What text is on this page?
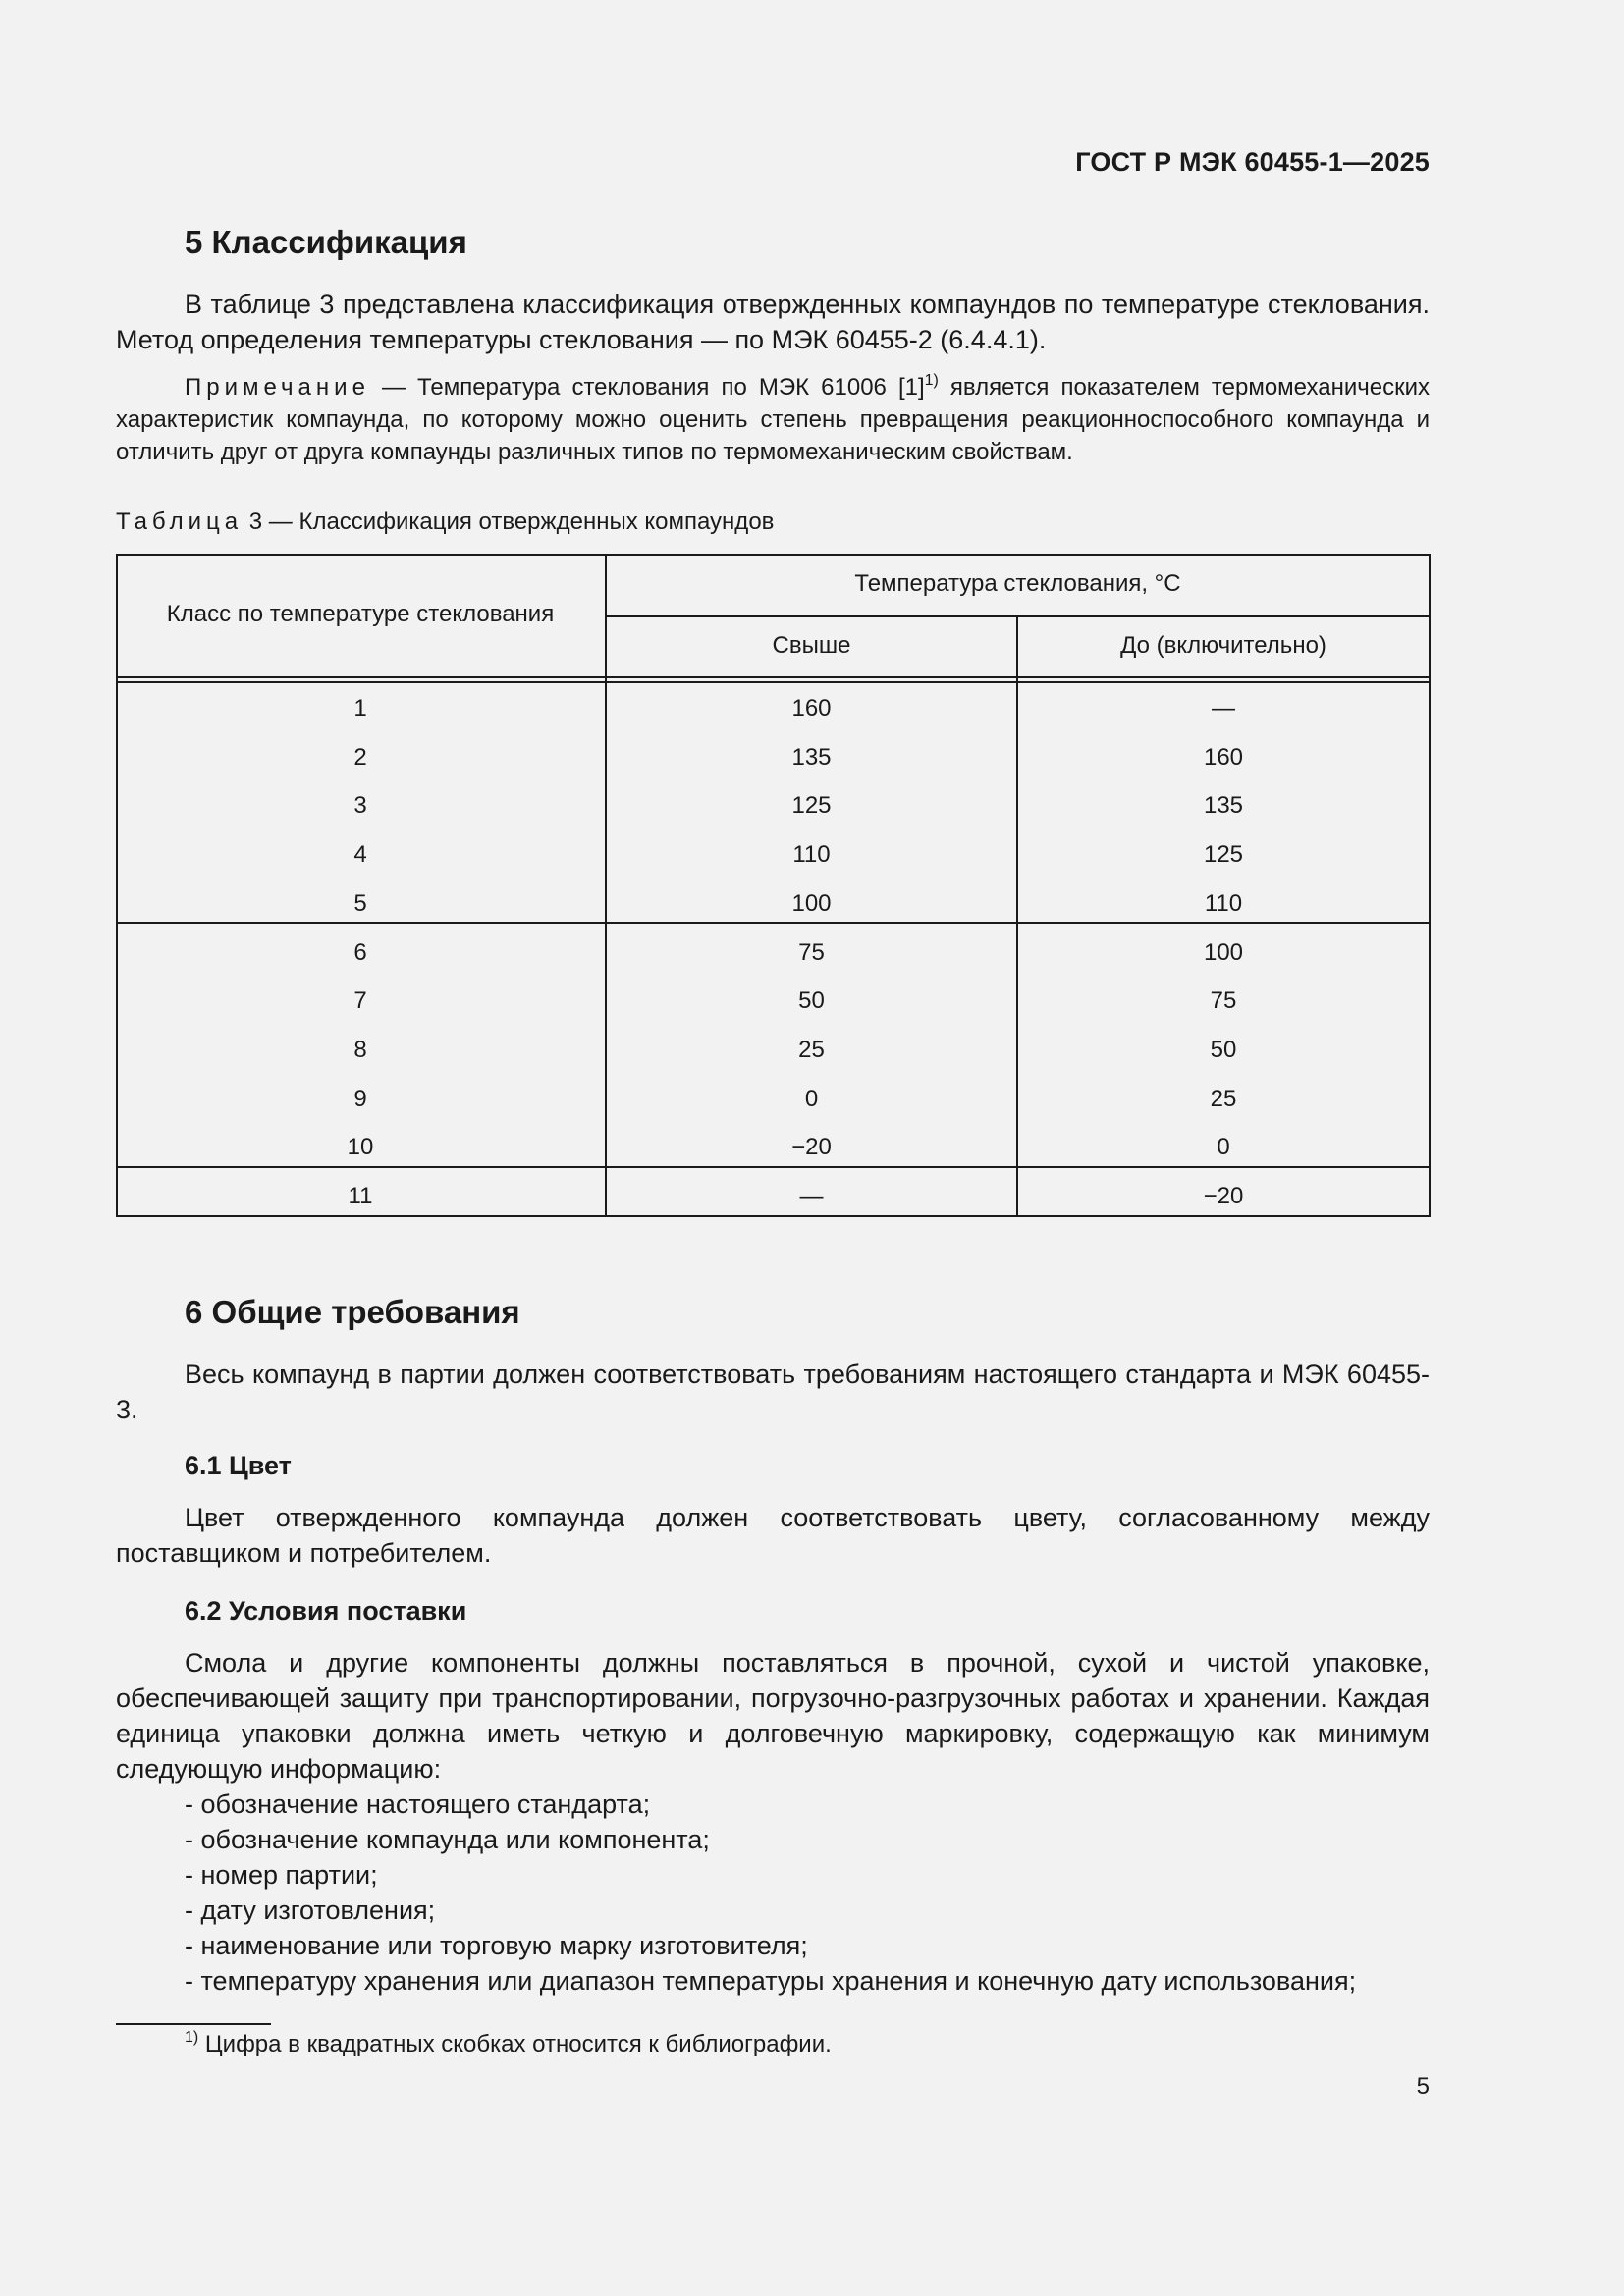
ГОСТ Р МЭК 60455-1—2025
5 Классификация

В таблице 3 представлена классификация отвержденных компаундов по температуре стеклования. Метод определения температуры стеклования — по МЭК 60455-2 (6.4.4.1).

Примечание — Температура стеклования по МЭК 61006 $[1]^{1)}$ является показателем термомеханических характеристик компаунда, по которому можно оценить степень превращения реакционноспособного компаунда и отличить друг от друга компаунды различных типов по термомеханическим свойствам.

Таблица 3 — Классификация отвержденных компаундов
Класс по температуре стеклования
Температура стеклования, °C
Свыше	До (включительно)
1	160	—
2	135	160
3	125	135
4	110	125
5	100	110
6	75	100
7	50	75
8	25	50
9	0	25
10	−20	0
11	—	−20
6 Общие требования

Весь компаунд в партии должен соответствовать требованиям настоящего стандарта и МЭК 60455-3.

6.1 Цвет

Цвет отвержденного компаунда должен соответствовать цвету, согласованному между поставщиком и потребителем.

6.2 Условия поставки

Смола и другие компоненты должны поставляться в прочной, сухой и чистой упаковке, обеспечивающей защиту при транспортировании, погрузочно-разгрузочных работах и хранении. Каждая единица упаковки должна иметь четкую и долговечную маркировку, содержащую как минимум следующую информацию:

- обозначение настоящего стандарта;
- обозначение компаунда или компонента;
- номер партии;
- дату изготовления;
- наименование или торговую марку изготовителя;
- температуру хранения или диапазон температуры хранения и конечную дату использования;
$^{1)}$ Цифра в квадратных скобках относится к библиографии.
5
